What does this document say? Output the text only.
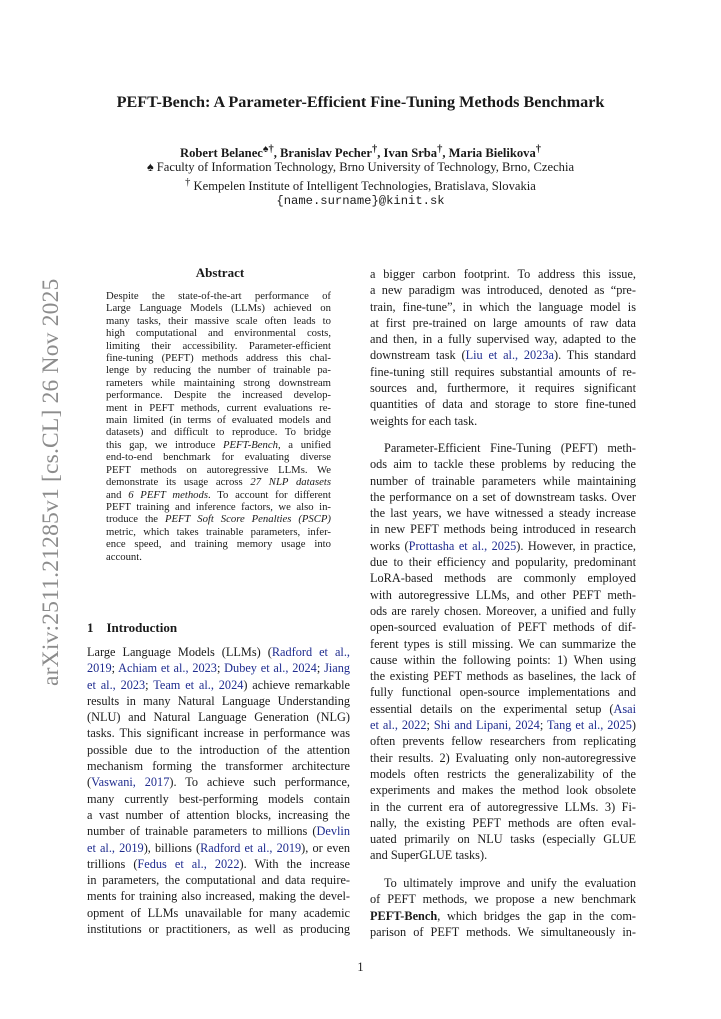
PEFT-Bench: A Parameter-Efficient Fine-Tuning Methods Benchmark
Robert Belanec♠†, Branislav Pecher†, Ivan Srba†, Maria Bielikova†
♠ Faculty of Information Technology, Brno University of Technology, Brno, Czechia
† Kempelen Institute of Intelligent Technologies, Bratislava, Slovakia
{name.surname}@kinit.sk
arXiv:2511.21285v1 [cs.CL] 26 Nov 2025
Abstract
Despite the state-of-the-art performance of
Large Language Models (LLMs) achieved on
many tasks, their massive scale often leads to
high computational and environmental costs,
limiting their accessibility. Parameter-efficient
fine-tuning (PEFT) methods address this chal-
lenge by reducing the number of trainable pa-
rameters while maintaining strong downstream
performance. Despite the increased develop-
ment in PEFT methods, current evaluations re-
main limited (in terms of evaluated models and
datasets) and difficult to reproduce. To bridge
this gap, we introduce PEFT-Bench, a unified
end-to-end benchmark for evaluating diverse
PEFT methods on autoregressive LLMs. We
demonstrate its usage across 27 NLP datasets
and 6 PEFT methods. To account for different
PEFT training and inference factors, we also in-
troduce the PEFT Soft Score Penalties (PSCP)
metric, which takes trainable parameters, infer-
ence speed, and training memory usage into
account.
1 Introduction
Large Language Models (LLMs) (Radford et al.,
2019; Achiam et al., 2023; Dubey et al., 2024; Jiang
et al., 2023; Team et al., 2024) achieve remarkable
results in many Natural Language Understanding
(NLU) and Natural Language Generation (NLG)
tasks. This significant increase in performance was
possible due to the introduction of the attention
mechanism forming the transformer architecture
(Vaswani, 2017). To achieve such performance,
many currently best-performing models contain
a vast number of attention blocks, increasing the
number of trainable parameters to millions (Devlin
et al., 2019), billions (Radford et al., 2019), or even
trillions (Fedus et al., 2022). With the increase
in parameters, the computational and data require-
ments for training also increased, making the devel-
opment of LLMs unavailable for many academic
institutions or practitioners, as well as producing
a bigger carbon footprint. To address this issue,
a new paradigm was introduced, denoted as “pre-
train, fine-tune”, in which the language model is
at first pre-trained on large amounts of raw data
and then, in a fully supervised way, adapted to the
downstream task (Liu et al., 2023a). This standard
fine-tuning still requires substantial amounts of re-
sources and, furthermore, it requires significant
quantities of data and storage to store fine-tuned
weights for each task.
Parameter-Efficient Fine-Tuning (PEFT) meth-
ods aim to tackle these problems by reducing the
number of trainable parameters while maintaining
the performance on a set of downstream tasks. Over
the last years, we have witnessed a steady increase
in new PEFT methods being introduced in research
works (Prottasha et al., 2025). However, in practice,
due to their efficiency and popularity, predominant
LoRA-based methods are commonly employed
with autoregressive LLMs, and other PEFT meth-
ods are rarely chosen. Moreover, a unified and fully
open-sourced evaluation of PEFT methods of dif-
ferent types is still missing. We can summarize the
cause within the following points: 1) When using
the existing PEFT methods as baselines, the lack of
fully functional open-source implementations and
essential details on the experimental setup (Asai
et al., 2022; Shi and Lipani, 2024; Tang et al., 2025)
often prevents fellow researchers from replicating
their results. 2) Evaluating only non-autoregressive
models often restricts the generalizability of the
experiments and makes the method look obsolete
in the current era of autoregressive LLMs. 3) Fi-
nally, the existing PEFT methods are often eval-
uated primarily on NLU tasks (especially GLUE
and SuperGLUE tasks).
To ultimately improve and unify the evaluation
of PEFT methods, we propose a new benchmark
PEFT-Bench, which bridges the gap in the com-
parison of PEFT methods. We simultaneously in-
1
